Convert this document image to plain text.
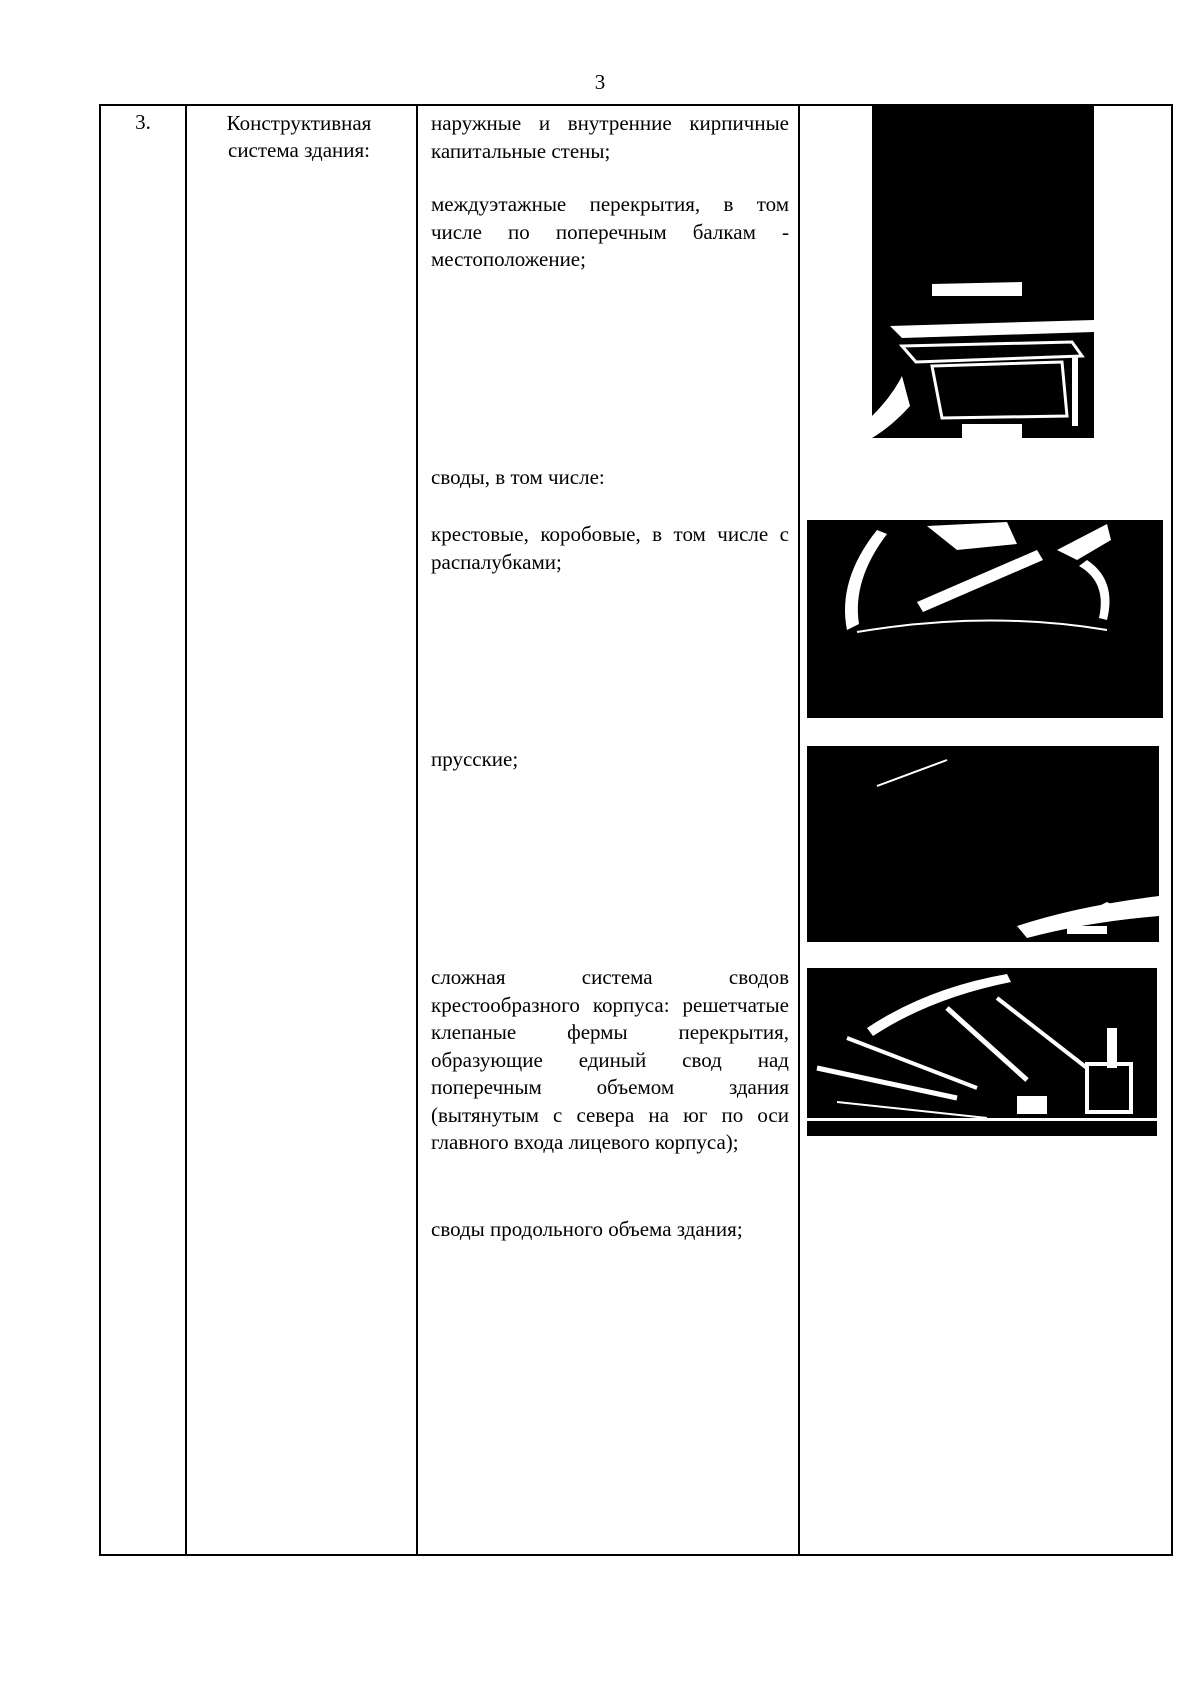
3
3.	Конструктивная система здания:

наружные и внутренние кирпичные капитальные стены;

междуэтажные перекрытия, в том числе по поперечным балкам - местоположение;

своды, в том числе:

крестовые, коробовые, в том числе с распалубками;

прусские;

сложная система сводов крестообразного корпуса: решетчатые клепаные фермы перекрытия, образующие единый свод над поперечным объемом здания (вытянутым с севера на юг по оси главного входа лицевого корпуса);

своды продольного объема здания;
